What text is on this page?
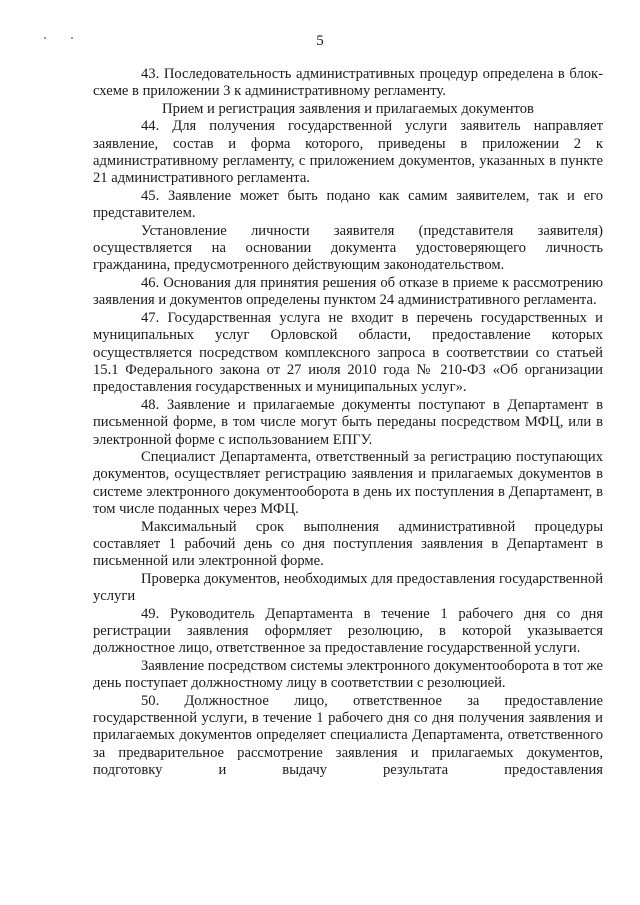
5

43. Последовательность административных процедур определена в блок-схеме в приложении 3 к административному регламенту.

Прием и регистрация заявления и прилагаемых документов

44. Для получения государственной услуги заявитель направляет заявление, состав и форма которого, приведены в приложении 2 к административному регламенту, с приложением документов, указанных в пункте 21 административного регламента.

45. Заявление может быть подано как самим заявителем, так и его представителем.

Установление личности заявителя (представителя заявителя) осуществляется на основании документа удостоверяющего личность гражданина, предусмотренного действующим законодательством.

46. Основания для принятия решения об отказе в приеме к рассмотрению заявления и документов определены пунктом 24 административного регламента.

47. Государственная услуга не входит в перечень государственных и муниципальных услуг Орловской области, предоставление которых осуществляется посредством комплексного запроса в соответствии со статьей 15.1 Федерального закона от 27 июля 2010 года № 210-ФЗ «Об организации предоставления государственных и муниципальных услуг».

48. Заявление и прилагаемые документы поступают в Департамент в письменной форме, в том числе могут быть переданы посредством МФЦ, или в электронной форме с использованием ЕПГУ.

Специалист Департамента, ответственный за регистрацию поступающих документов, осуществляет регистрацию заявления и прилагаемых документов в системе электронного документооборота в день их поступления в Департамент, в том числе поданных через МФЦ.

Максимальный срок выполнения административной процедуры составляет 1 рабочий день со дня поступления заявления в Департамент в письменной или электронной форме.

Проверка документов, необходимых для предоставления государственной услуги

49. Руководитель Департамента в течение 1 рабочего дня со дня регистрации заявления оформляет резолюцию, в которой указывается должностное лицо, ответственное за предоставление государственной услуги.

Заявление посредством системы электронного документооборота в тот же день поступает должностному лицу в соответствии с резолюцией.

50. Должностное лицо, ответственное за предоставление государственной услуги, в течение 1 рабочего дня со дня получения заявления и прилагаемых документов определяет специалиста Департамента, ответственного за предварительное рассмотрение заявления и прилагаемых документов, подготовку и выдачу результата предоставления
